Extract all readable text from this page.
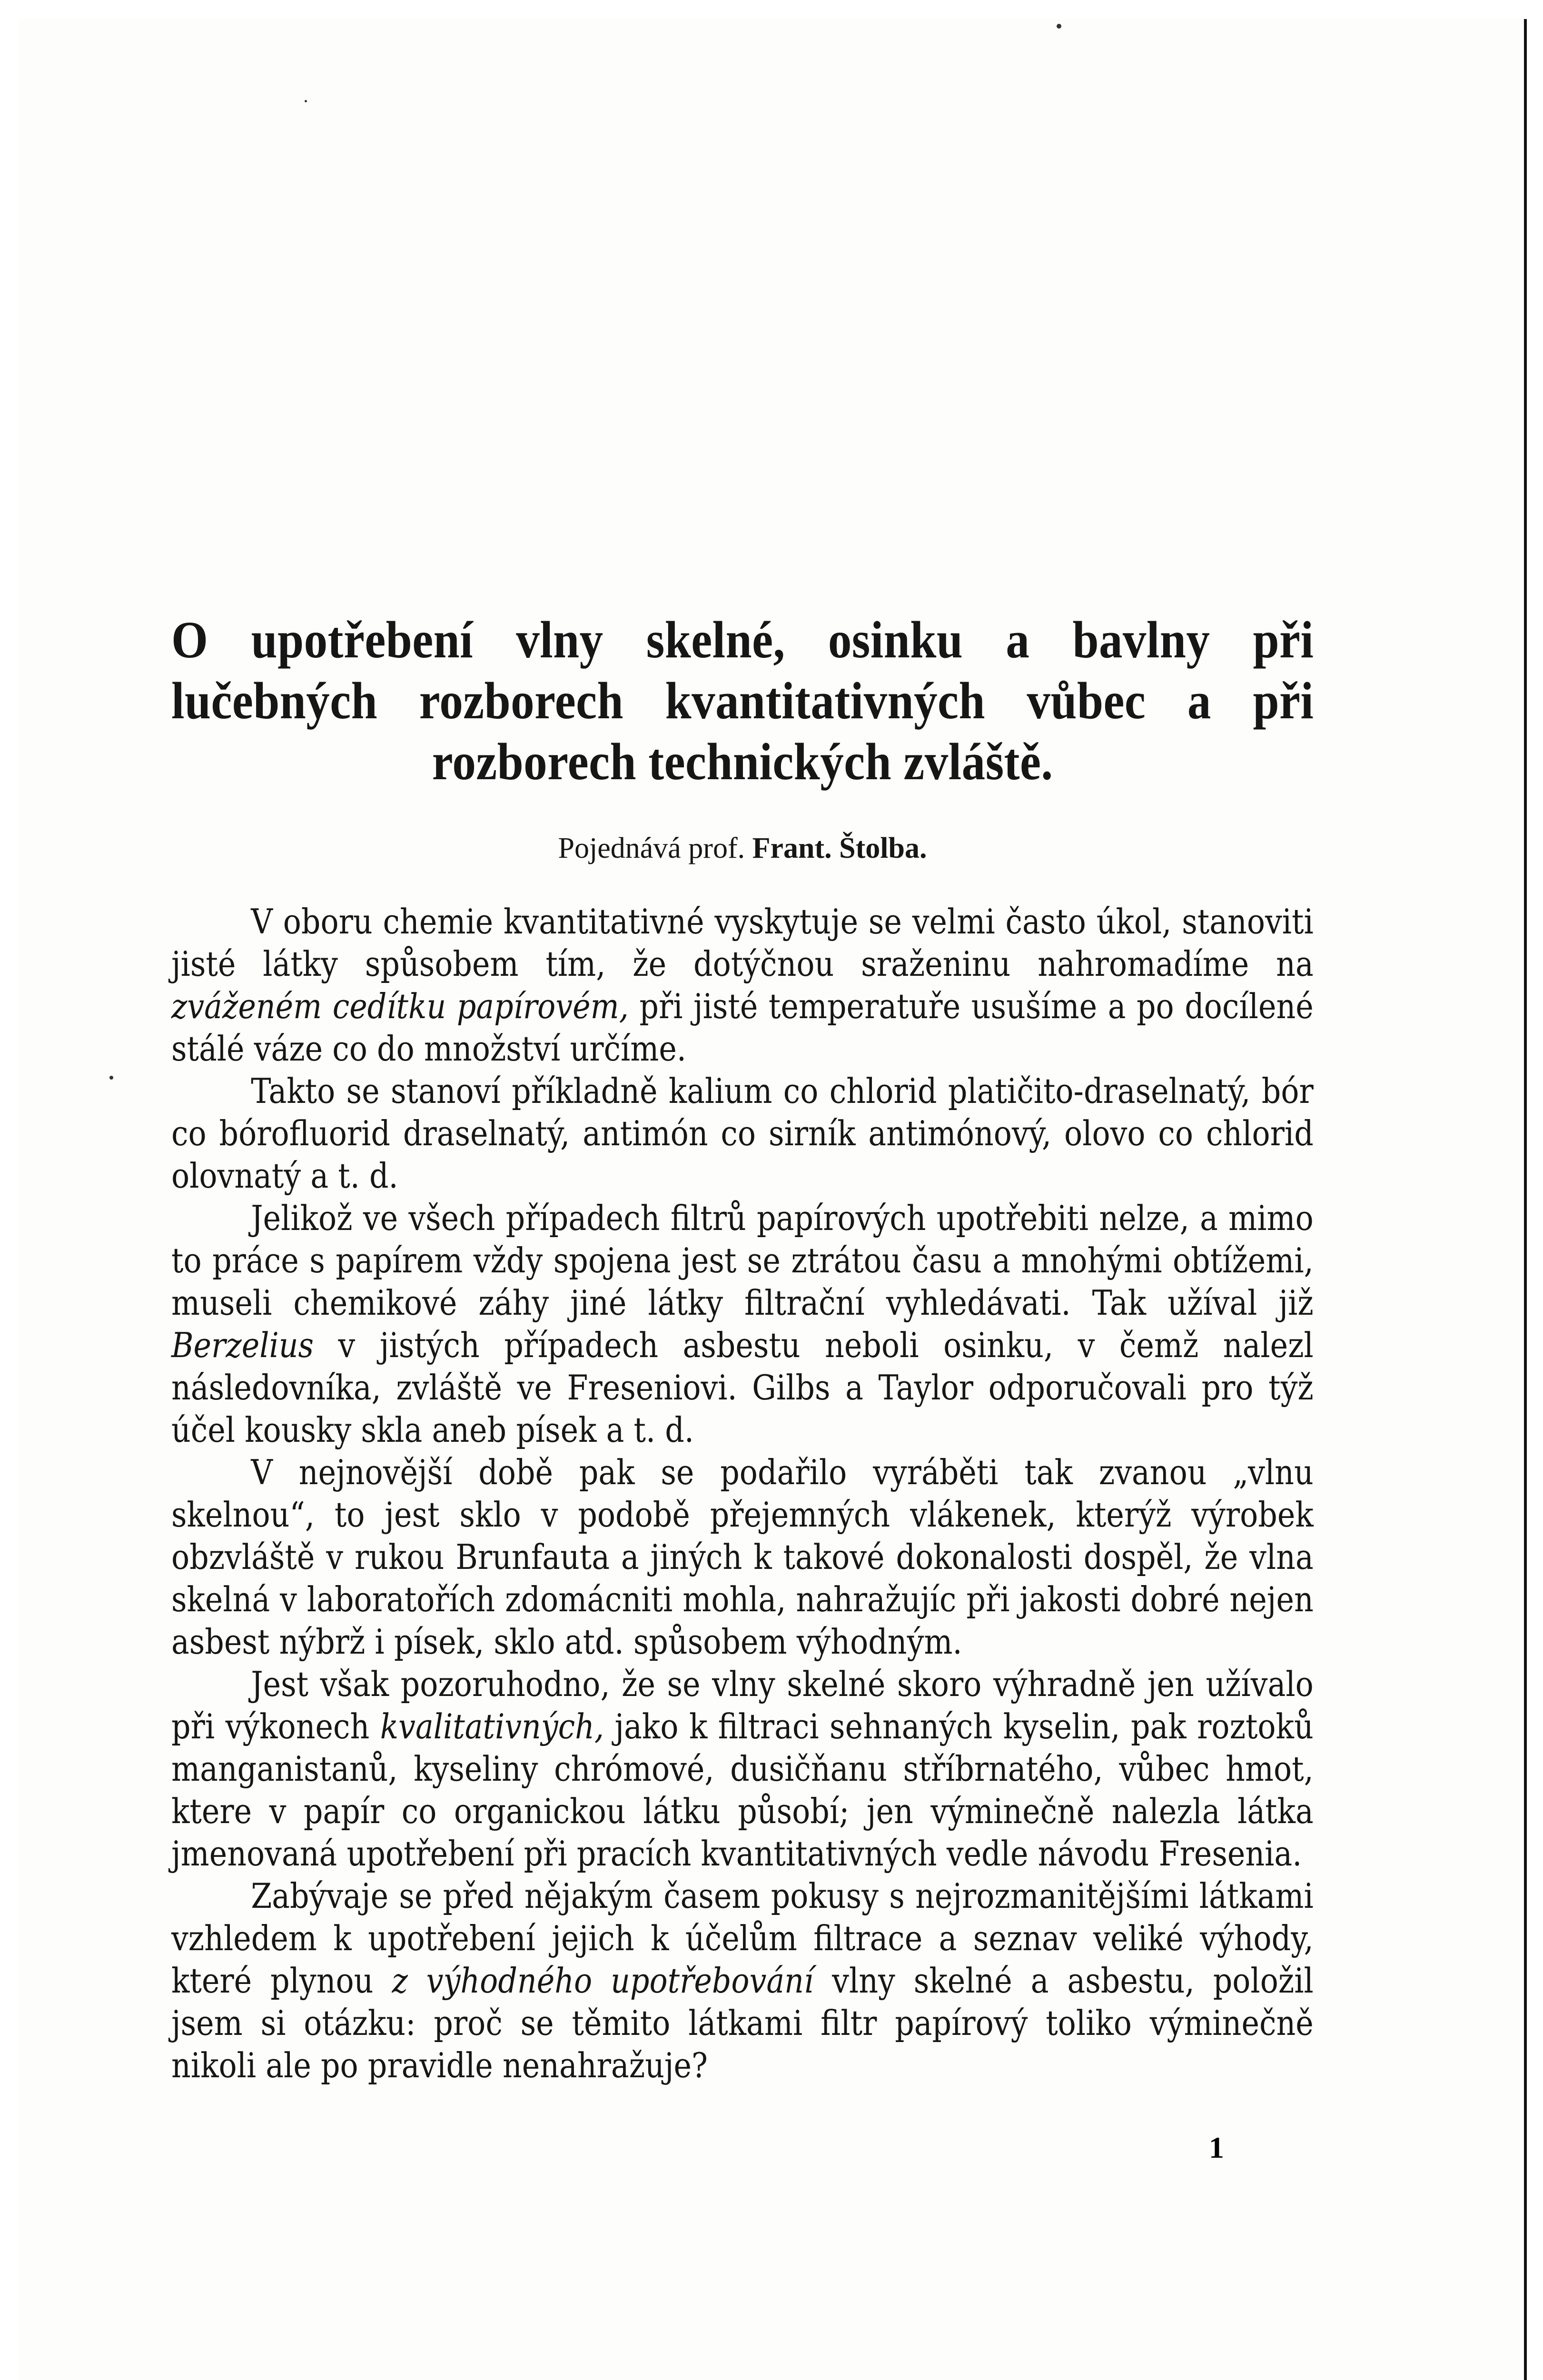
O upotřebení vlny skelné, osinku a bavlny při lučebných rozborech kvantitativných vůbec a při rozborech technických zvláště.
Pojednává prof. Frant. Štolba.

V oboru chemie kvantitativné vyskytuje se velmi často úkol, stanoviti jisté látky spůsobem tím, že dotýčnou sraženinu nahromadíme na zváženém cedítku papírovém, při jisté temperatuře usušíme a po docílené stálé váze co do množství určíme.

Takto se stanoví příkladně kalium co chlorid platičito-draselnatý, bór co bórofluorid draselnatý, antimón co sirník antimónový, olovo co chlorid olovnatý a t. d.

Jelikož ve všech případech filtrů papírových upotřebiti nelze, a mimo to práce s papírem vždy spojena jest se ztrátou času a mnohými obtížemi, museli chemikové záhy jiné látky filtrační vyhledávati. Tak užíval již Berzelius v jistých případech asbestu neboli osinku, v čemž nalezl následovníka, zvláště ve Freseniovi. Gilbs a Taylor odporučovali pro týž účel kousky skla aneb písek a t. d.

V nejnovější době pak se podařilo vyráběti tak zvanou „vlnu skelnou“, to jest sklo v podobě přejemných vlákenek, kterýž výrobek obzvláště v rukou Brunfauta a jiných k takové dokonalosti dospěl, že vlna skelná v laboratořích zdomácniti mohla, nahražujíc při jakosti dobré nejen asbest nýbrž i písek, sklo atd. spůsobem výhodným.

Jest však pozoruhodno, že se vlny skelné skoro výhradně jen užívalo při výkonech kvalitativných, jako k filtraci sehnaných kyselin, pak roztoků manganistanů, kyseliny chrómové, dusičňanu stříbrnatého, vůbec hmot, ktere v papír co organickou látku působí; jen výminečně nalezla látka jmenovaná upotřebení při pracích kvantitativných vedle návodu Fresenia.

Zabývaje se před nějakým časem pokusy s nejrozmanitějšími látkami vzhledem k upotřebení jejich k účelům filtrace a seznav veliké výhody, které plynou z výhodného upotřebování vlny skelné a asbestu, položil jsem si otázku: proč se těmito látkami filtr papírový toliko výminečně nikoli ale po pravidle nenahražuje?

1
